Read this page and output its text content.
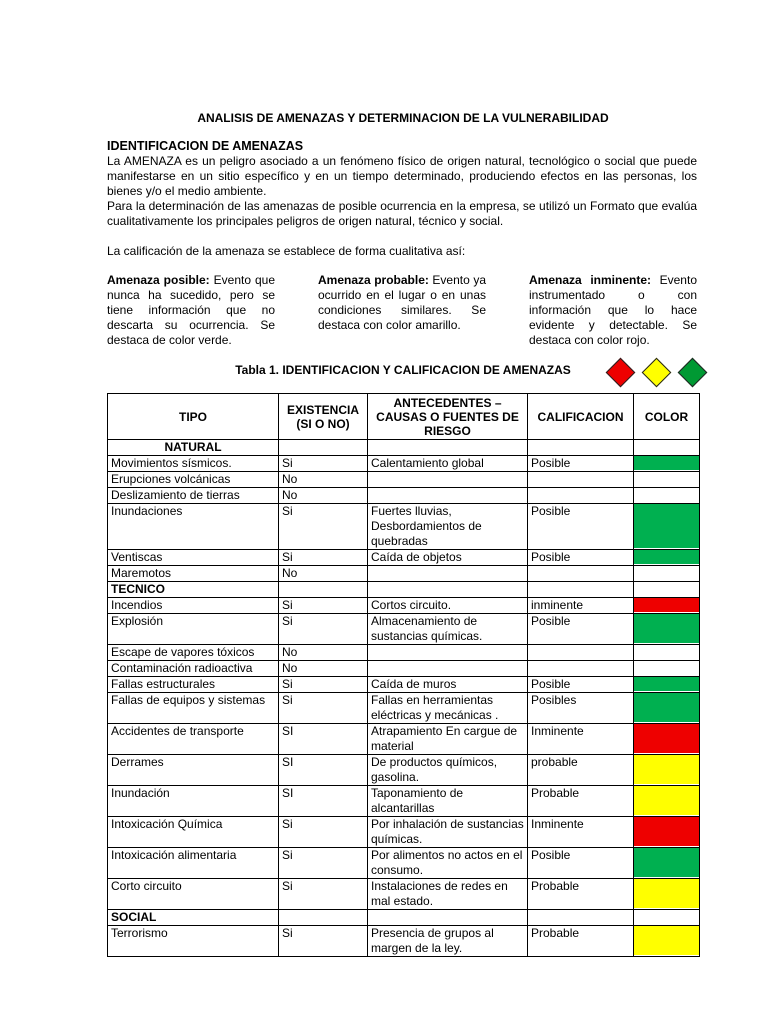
ANALISIS DE AMENAZAS Y DETERMINACION DE LA VULNERABILIDAD
IDENTIFICACION DE AMENAZAS
La AMENAZA es un peligro asociado a un fenómeno físico de origen natural, tecnológico o social que puede manifestarse en un sitio específico y en un tiempo determinado, produciendo efectos en las personas, los bienes y/o el medio ambiente.
Para la determinación de las amenazas de posible ocurrencia en la empresa, se utilizó un Formato que evalúa cualitativamente los principales peligros de origen natural, técnico y social.
La calificación de la amenaza se establece de forma cualitativa así:
Amenaza posible: Evento que nunca ha sucedido, pero se tiene información que no descarta su ocurrencia. Se destaca de color verde.
Amenaza probable: Evento ya ocurrido en el lugar o en unas condiciones similares. Se destaca con color amarillo.
Amenaza inminente: Evento instrumentado o con información que lo hace evidente y detectable. Se destaca con color rojo.
Tabla 1. IDENTIFICACION Y CALIFICACION DE AMENAZAS
TIPO	EXISTENCIA (SI O NO)	ANTECEDENTES – CAUSAS O FUENTES DE RIESGO	CALIFICACION	COLOR
NATURAL				
Movimientos sísmicos.	Si	Calentamiento global	Posible	

Erupciones volcánicas	No			

Deslizamiento de tierras	No			

Inundaciones	Si	Fuertes lluvias, Desbordamientos de quebradas	Posible	

Ventiscas	Si	Caída de objetos	Posible	

Maremotos	No			

TECNICO				
Incendios	Si	Cortos circuito.	inminente	

Explosión	Si	Almacenamiento de sustancias químicas.	Posible	

Escape de vapores tóxicos	No			

Contaminación radioactiva	No			

Fallas estructurales	Si	Caída de muros	Posible	

Fallas de equipos y sistemas	Si	Fallas en herramientas eléctricas y mecánicas .	Posibles	

Accidentes de transporte	SI	Atrapamiento En cargue de material	Inminente	

Derrames	SI	De productos químicos, gasolina.	probable	

Inundación	SI	Taponamiento de alcantarillas	Probable	

Intoxicación Química	Si	Por inhalación de sustancias químicas.	Inminente	

Intoxicación alimentaria	Si	Por alimentos no actos en el consumo.	Posible	

Corto circuito	Si	Instalaciones de redes en mal estado.	Probable	

SOCIAL				
Terrorismo	Si	Presencia de grupos al margen de la ley.	Probable	
